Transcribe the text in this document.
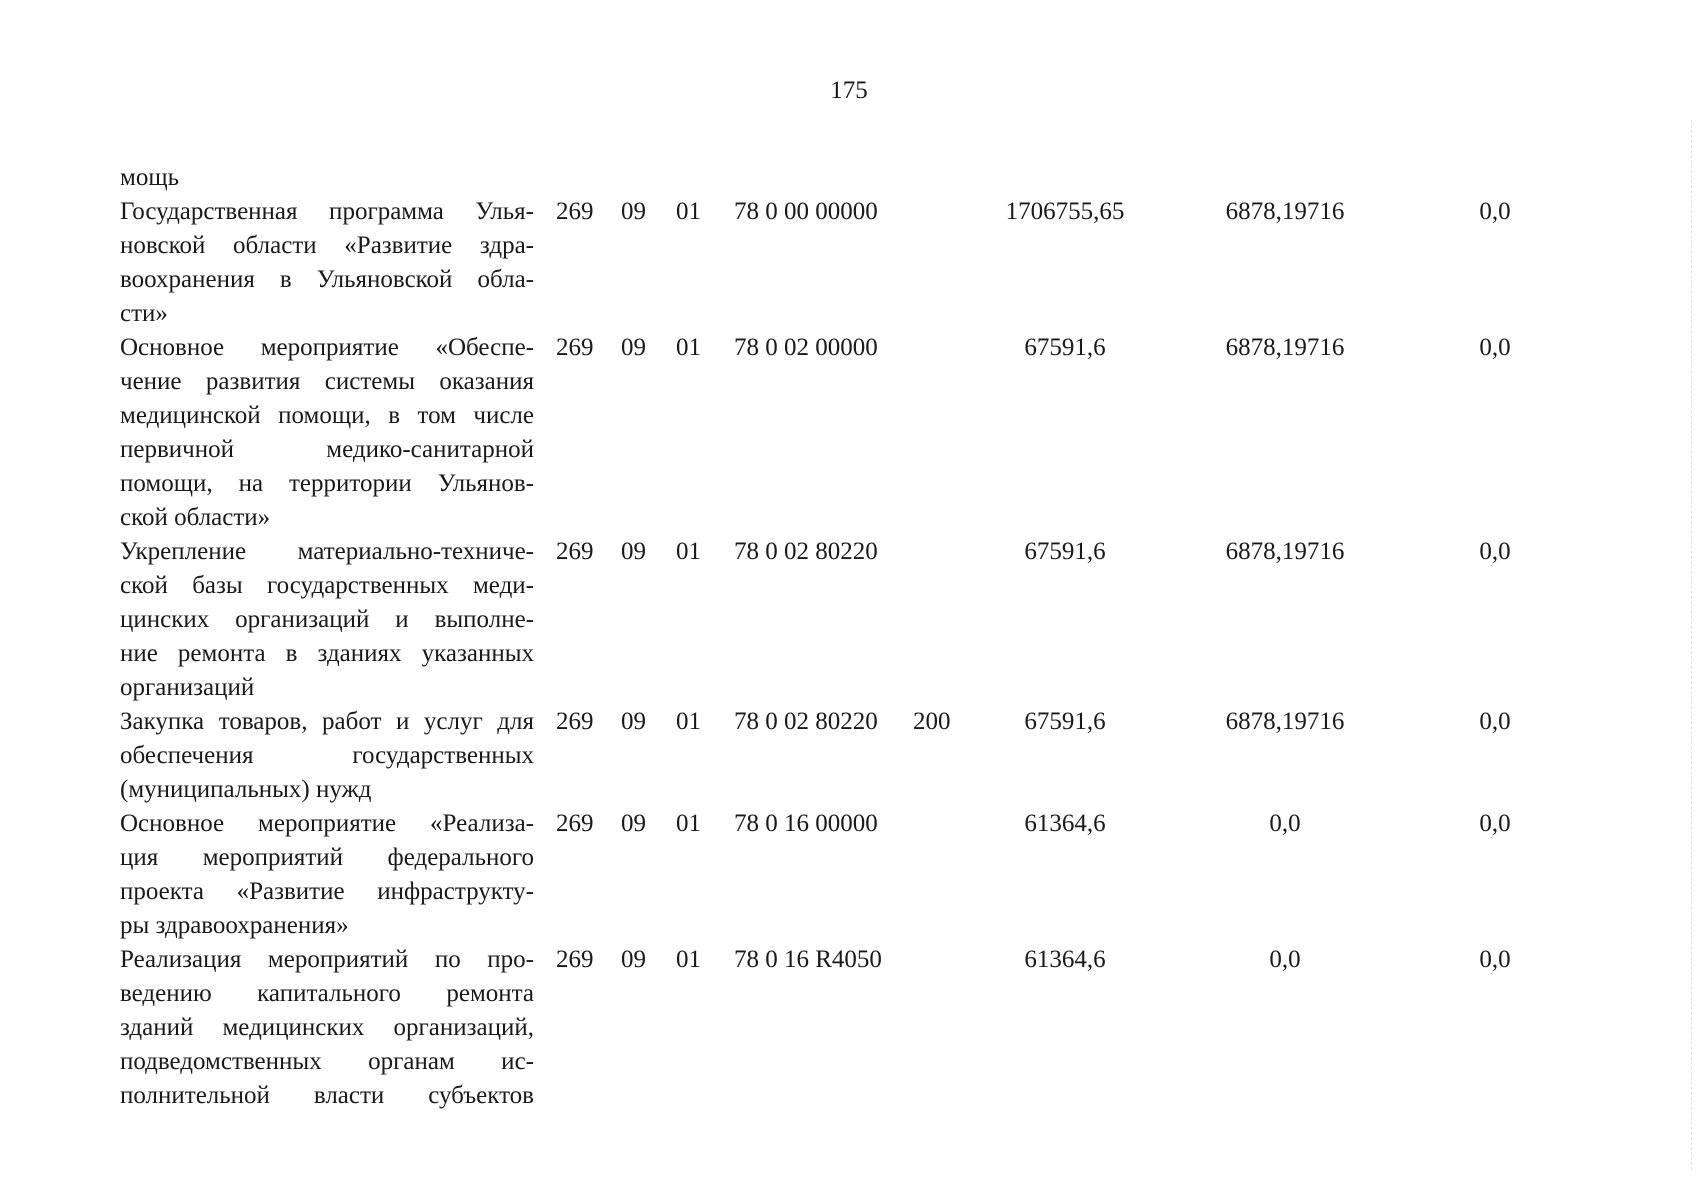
175
мощь
Государственная программа Улья-
новской области «Развитие здра-
воохранения в Ульяновской обла-
сти»
269 09 01 78 0 00 00000	1706755,65	6878,19716	0,0
Основное мероприятие «Обеспе-
чение развития системы оказания
медицинской помощи, в том числе
первичной медико-санитарной
помощи, на территории Ульянов-
ской области»
269 09 01 78 0 02 00000	67591,6	6878,19716	0,0
Укрепление материально-техниче-
ской базы государственных меди-
цинских организаций и выполне-
ние ремонта в зданиях указанных
организаций
269 09 01 78 0 02 80220	67591,6	6878,19716	0,0
Закупка товаров, работ и услуг для
обеспечения государственных
(муниципальных) нужд
269 09 01 78 0 02 80220 200	67591,6	6878,19716	0,0
Основное мероприятие «Реализа-
ция мероприятий федерального
проекта «Развитие инфраструкту-
ры здравоохранения»
269 09 01 78 0 16 00000	61364,6	0,0	0,0
Реализация мероприятий по про-
ведению капитального ремонта
зданий медицинских организаций,
подведомственных органам ис-
полнительной власти субъектов
269 09 01 78 0 16 R4050	61364,6	0,0	0,0
